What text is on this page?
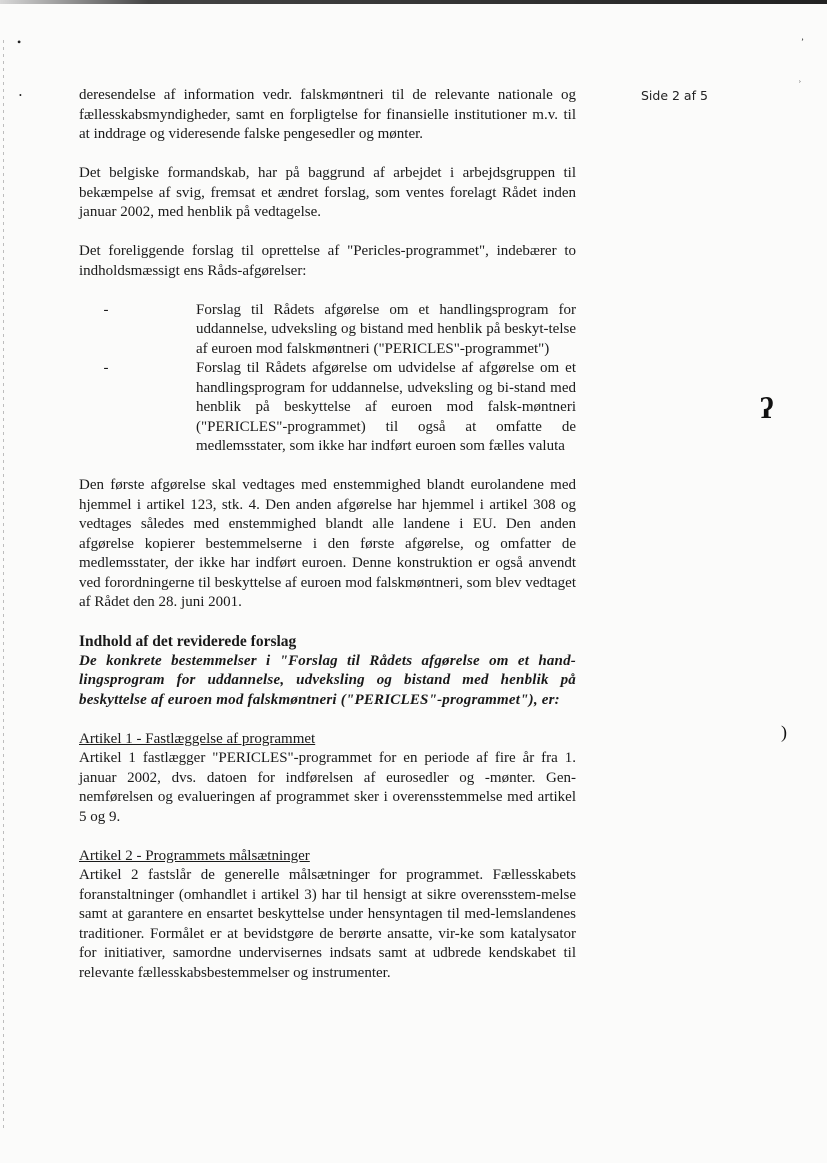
•
•
ʼ
ʾ
Side 2 af 5
ʔ
)

deresendelse af information vedr. falskmøntneri til de relevante nationale og fællesskabsmyndigheder, samt en forpligtelse for finansielle institutioner m.v. til at inddrage og videresende falske pengesedler og mønter.

Det belgiske formandskab, har på baggrund af arbejdet i arbejdsgruppen til bekæmpelse af svig, fremsat et ændret forslag, som ventes forelagt Rådet inden januar 2002, med henblik på vedtagelse.

Det foreliggende forslag til oprettelse af "Pericles-programmet", indebærer to indholdsmæssigt ens Råds-afgørelser:

-	Forslag til Rådets afgørelse om et handlingsprogram for uddannelse, udveksling og bistand med henblik på beskyt-telse af euroen mod falskmøntneri ("PERICLES"-programmet")

-	Forslag til Rådets afgørelse om udvidelse af afgørelse om et handlingsprogram for uddannelse, udveksling og bi-stand med henblik på beskyttelse af euroen mod falsk-møntneri ("PERICLES"-programmet) til også at omfatte de medlemsstater, som ikke har indført euroen som fælles valuta

Den første afgørelse skal vedtages med enstemmighed blandt eurolandene med hjemmel i artikel 123, stk. 4. Den anden afgørelse har hjemmel i artikel 308 og vedtages således med enstemmighed blandt alle landene i EU. Den anden afgørelse kopierer bestemmelserne i den første afgørelse, og omfatter de medlemsstater, der ikke har indført euroen. Denne konstruktion er også anvendt ved forordningerne til beskyttelse af euroen mod falskmøntneri, som blev vedtaget af Rådet den 28. juni 2001.

Indhold af det reviderede forslag

De konkrete bestemmelser i "Forslag til Rådets afgørelse om et hand-lingsprogram for uddannelse, udveksling og bistand med henblik på beskyttelse af euroen mod falskmøntneri ("PERICLES"-programmet"), er:

Artikel 1 - Fastlæggelse af programmet

Artikel 1 fastlægger "PERICLES"-programmet for en periode af fire år fra 1. januar 2002, dvs. datoen for indførelsen af eurosedler og -mønter. Gen-nemførelsen og evalueringen af programmet sker i overensstemmelse med artikel 5 og 9.

Artikel 2 - Programmets målsætninger

Artikel 2 fastslår de generelle målsætninger for programmet. Fællesskabets foranstaltninger (omhandlet i artikel 3) har til hensigt at sikre overensstem-melse samt at garantere en ensartet beskyttelse under hensyntagen til med-lemslandenes traditioner. Formålet er at bevidstgøre de berørte ansatte, vir-ke som katalysator for initiativer, samordne undervisernes indsats samt at udbrede kendskabet til relevante fællesskabsbestemmelser og instrumenter.
